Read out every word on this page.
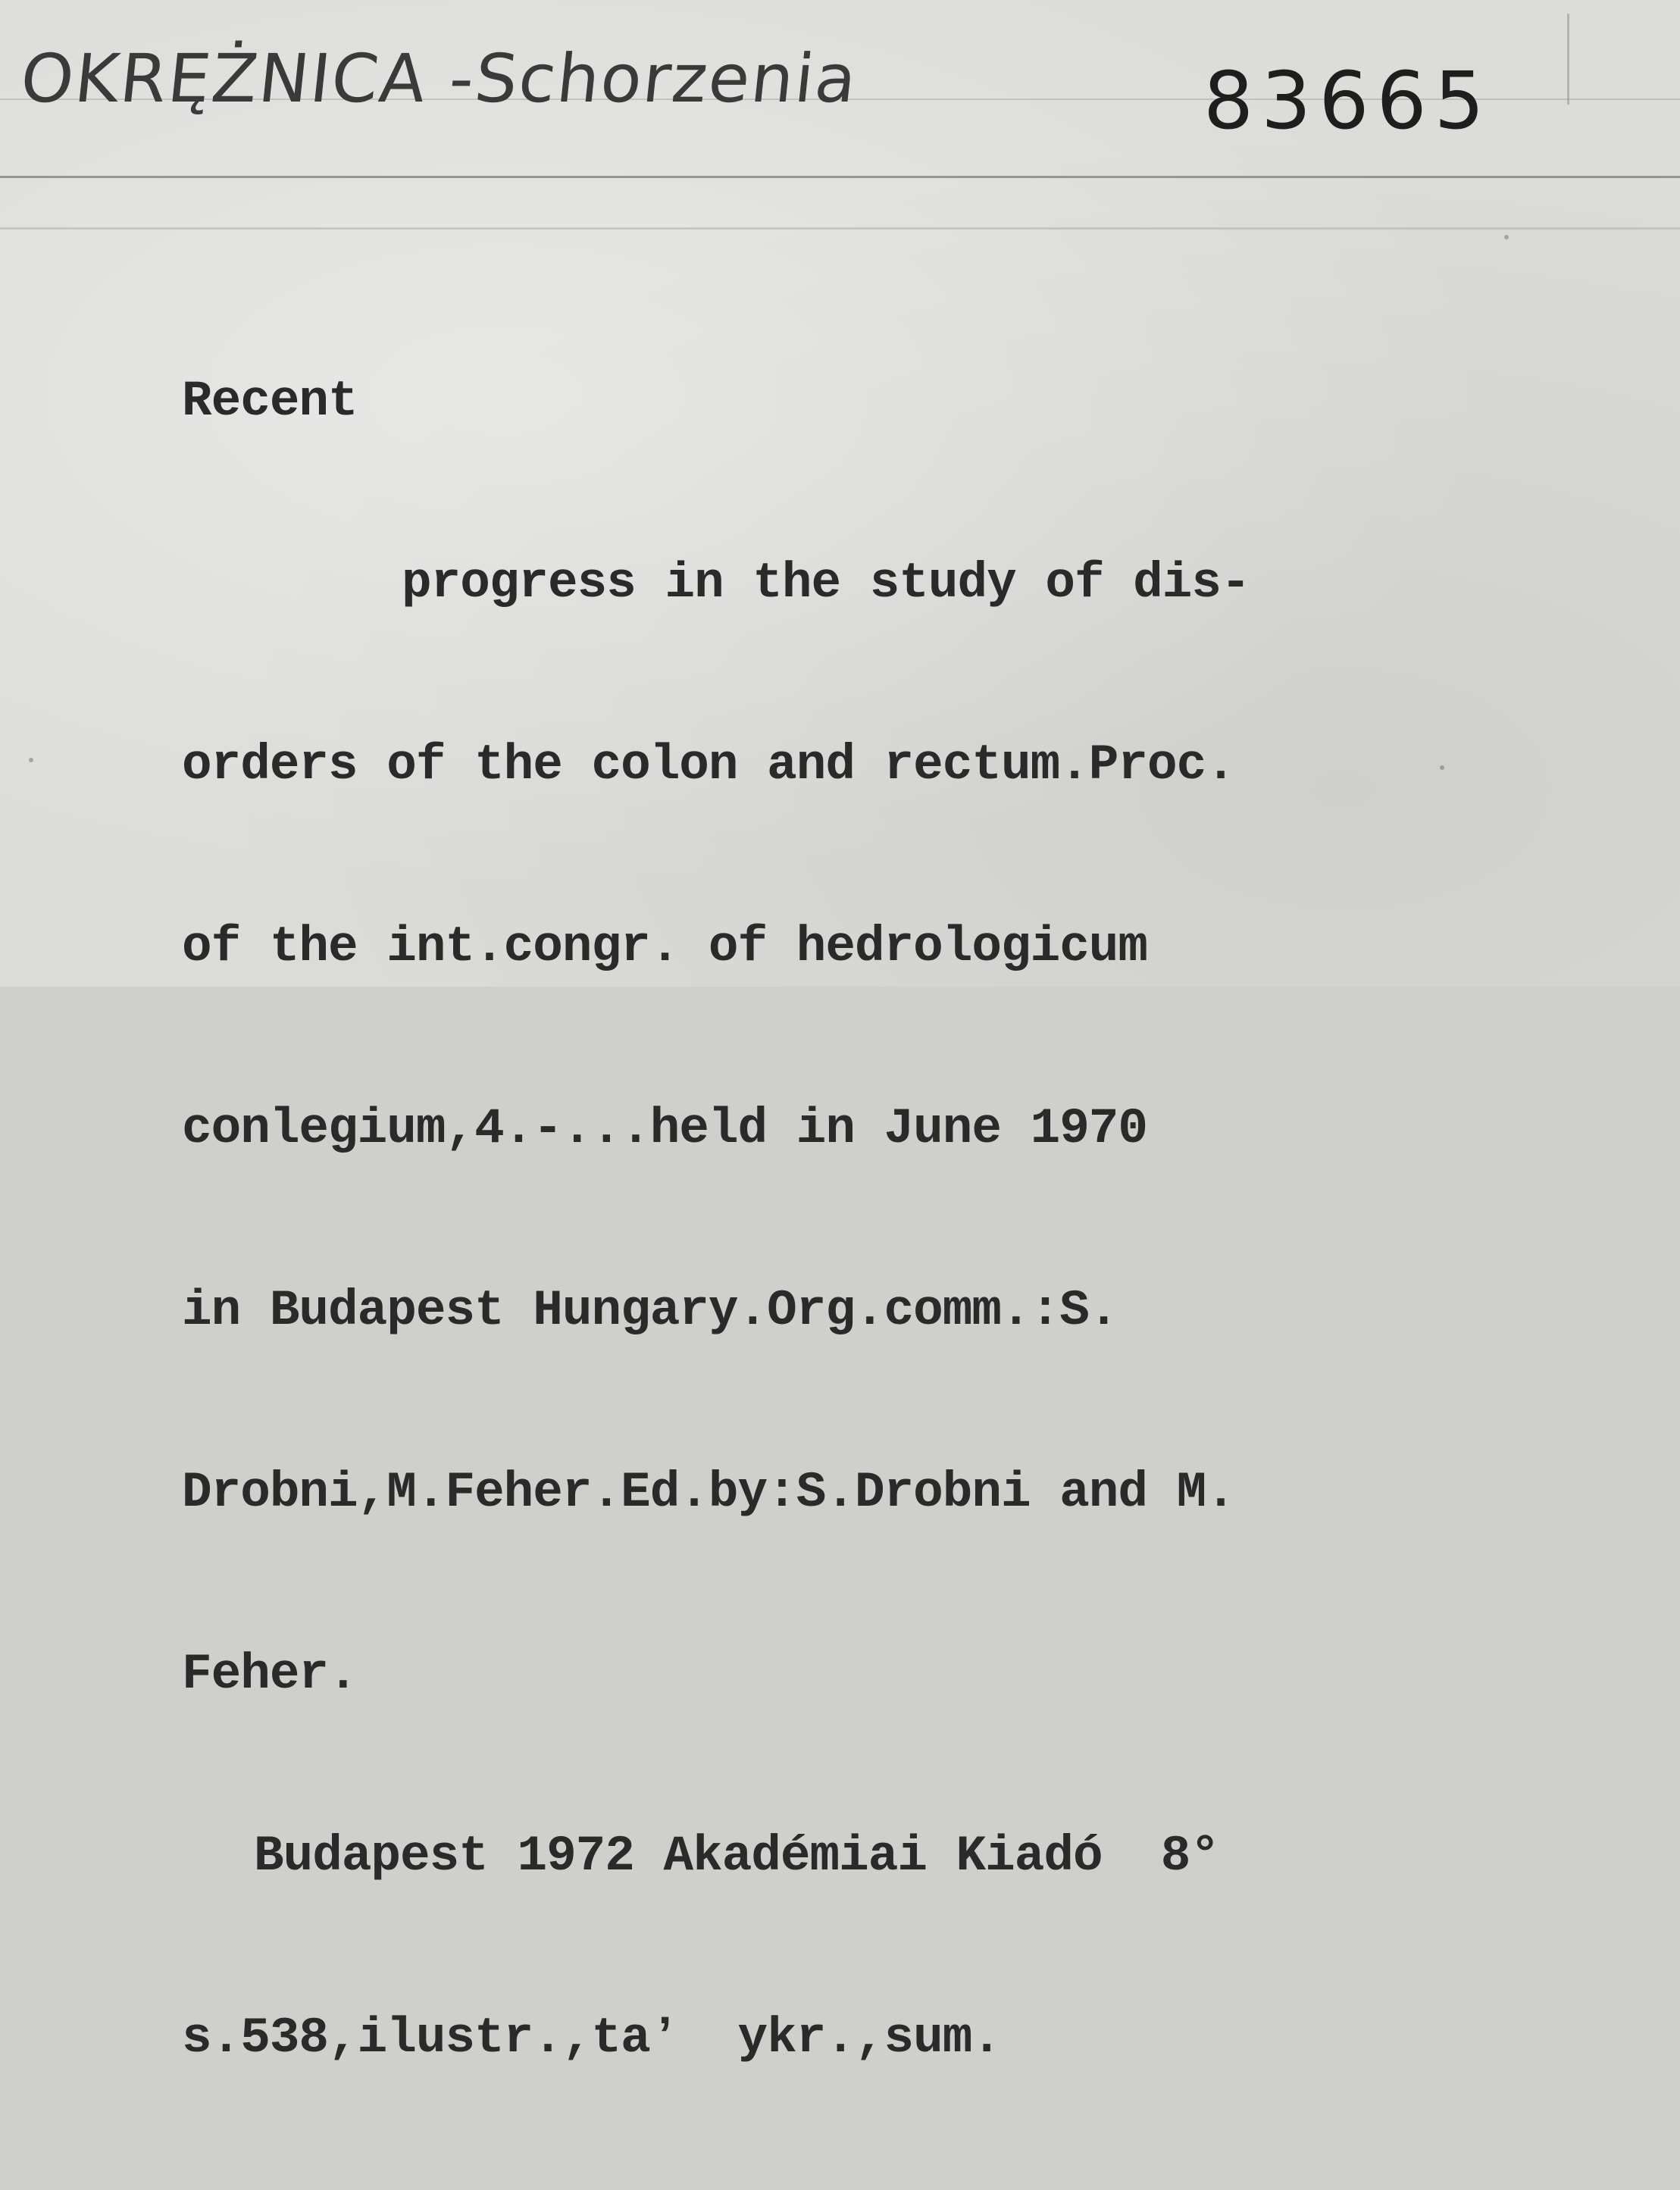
OKRĘŻNICA -Schorzenia	83665

Recent

progress in the study of dis-

orders of the colon and rectum.Proc.

of the int.congr. of hedrologicum

conlegium,4.-...held in June 1970

in Budapest Hungary.Org.comm.:S.

Drobni,M.Feher.Ed.by:S.Drobni and M.

Feher.

Budapest 1972 Akadémiai Kiadó  8°

s.538,ilustr.,taʼ  ykr.,sum.
